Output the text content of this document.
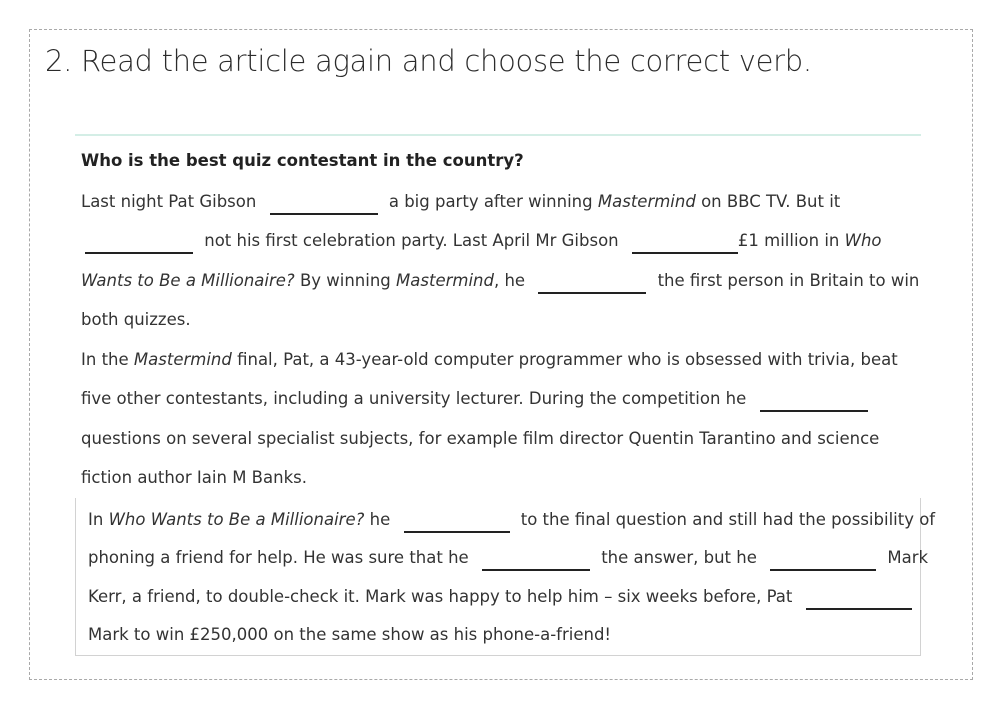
2. Read the article again and choose the correct verb.
Who is the best quiz contestant in the country?
Last night Pat Gibson	a big party after winning Mastermind on BBC TV. But it
not his first celebration party. Last April Mr Gibson	£1 million in Who
Wants to Be a Millionaire? By winning Mastermind, he	the first person in Britain to win
both quizzes.
In the Mastermind final, Pat, a 43-year-old computer programmer who is obsessed with trivia, beat
five other contestants, including a university lecturer. During the competition he
questions on several specialist subjects, for example film director Quentin Tarantino and science
fiction author Iain M Banks.
In Who Wants to Be a Millionaire? he	to the final question and still had the possibility of
phoning a friend for help. He was sure that he	the answer, but he	Mark
Kerr, a friend, to double-check it. Mark was happy to help him – six weeks before, Pat
Mark to win £250,000 on the same show as his phone-a-friend!
